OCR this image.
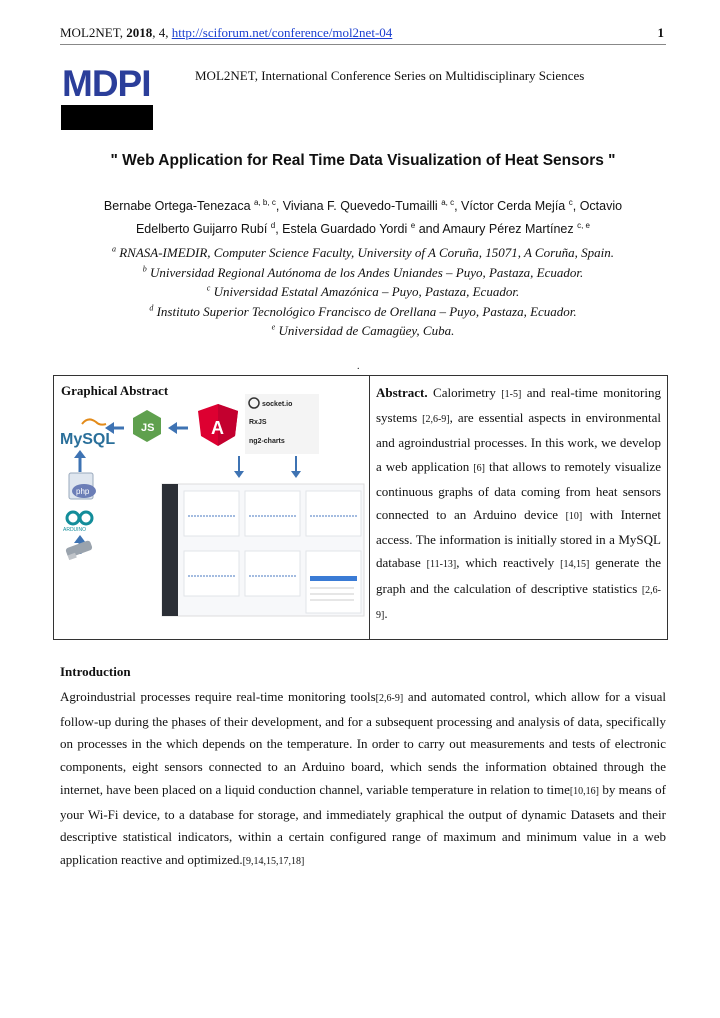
MOL2NET, 2018, 4, http://sciforum.net/conference/mol2net-04	1
MDPI	MOL2NET, International Conference Series on Multidisciplinary Sciences
" Web Application for Real Time Data Visualization of Heat Sensors "
Bernabe Ortega-Tenezaca $^{a, b, c}$, Viviana F. Quevedo-Tumailli $^{a, c}$, Víctor Cerda Mejía $^c$, Octavio
Edelberto Guijarro Rubí $^d$, Estela Guardado Yordi $^e$ and Amaury Pérez Martínez $^{c, e}$
$^a$ RNASA-IMEDIR, Computer Science Faculty, University of A Coruña, 15071, A Coruña, Spain.
$^b$ Universidad Regional Autónoma de los Andes Uniandes – Puyo, Pastaza, Ecuador.
$^c$ Universidad Estatal Amazónica – Puyo, Pastaza, Ecuador.
$^d$ Instituto Superior Tecnológico Francisco de Orellana – Puyo, Pastaza, Ecuador.
$^e$ Universidad de Camagüey, Cuba.
.
Graphical Abstract
MySQL
php
ARDUINO
JS	A
socket.io
RxJS
ng2-charts
Abstract. Calorimetry [1-5] and real-time monitoring systems [2,6-9], are essential aspects in environmental and agroindustrial processes. In this work, we develop a web application [6] that allows to remotely visualize continuous graphs of data coming from heat sensors connected to an Arduino device [10] with Internet access. The information is initially stored in a MySQL database [11-13], which reactively [14,15] generate the graph and the calculation of descriptive statistics [2,6-9].
Introduction
Agroindustrial processes require real-time monitoring tools[2,6-9] and automated control, which allow for a visual follow-up during the phases of their development, and for a subsequent processing and analysis of data, specifically on processes in the which depends on the temperature. In order to carry out measurements and tests of electronic components, eight sensors connected to an Arduino board, which sends the information obtained through the internet, have been placed on a liquid conduction channel, variable temperature in relation to time[10,16] by means of your Wi-Fi device, to a database for storage, and immediately graphical the output of dynamic Datasets and their descriptive statistical indicators, within a certain configured range of maximum and minimum value in a web application reactive and optimized.[9,14,15,17,18]
